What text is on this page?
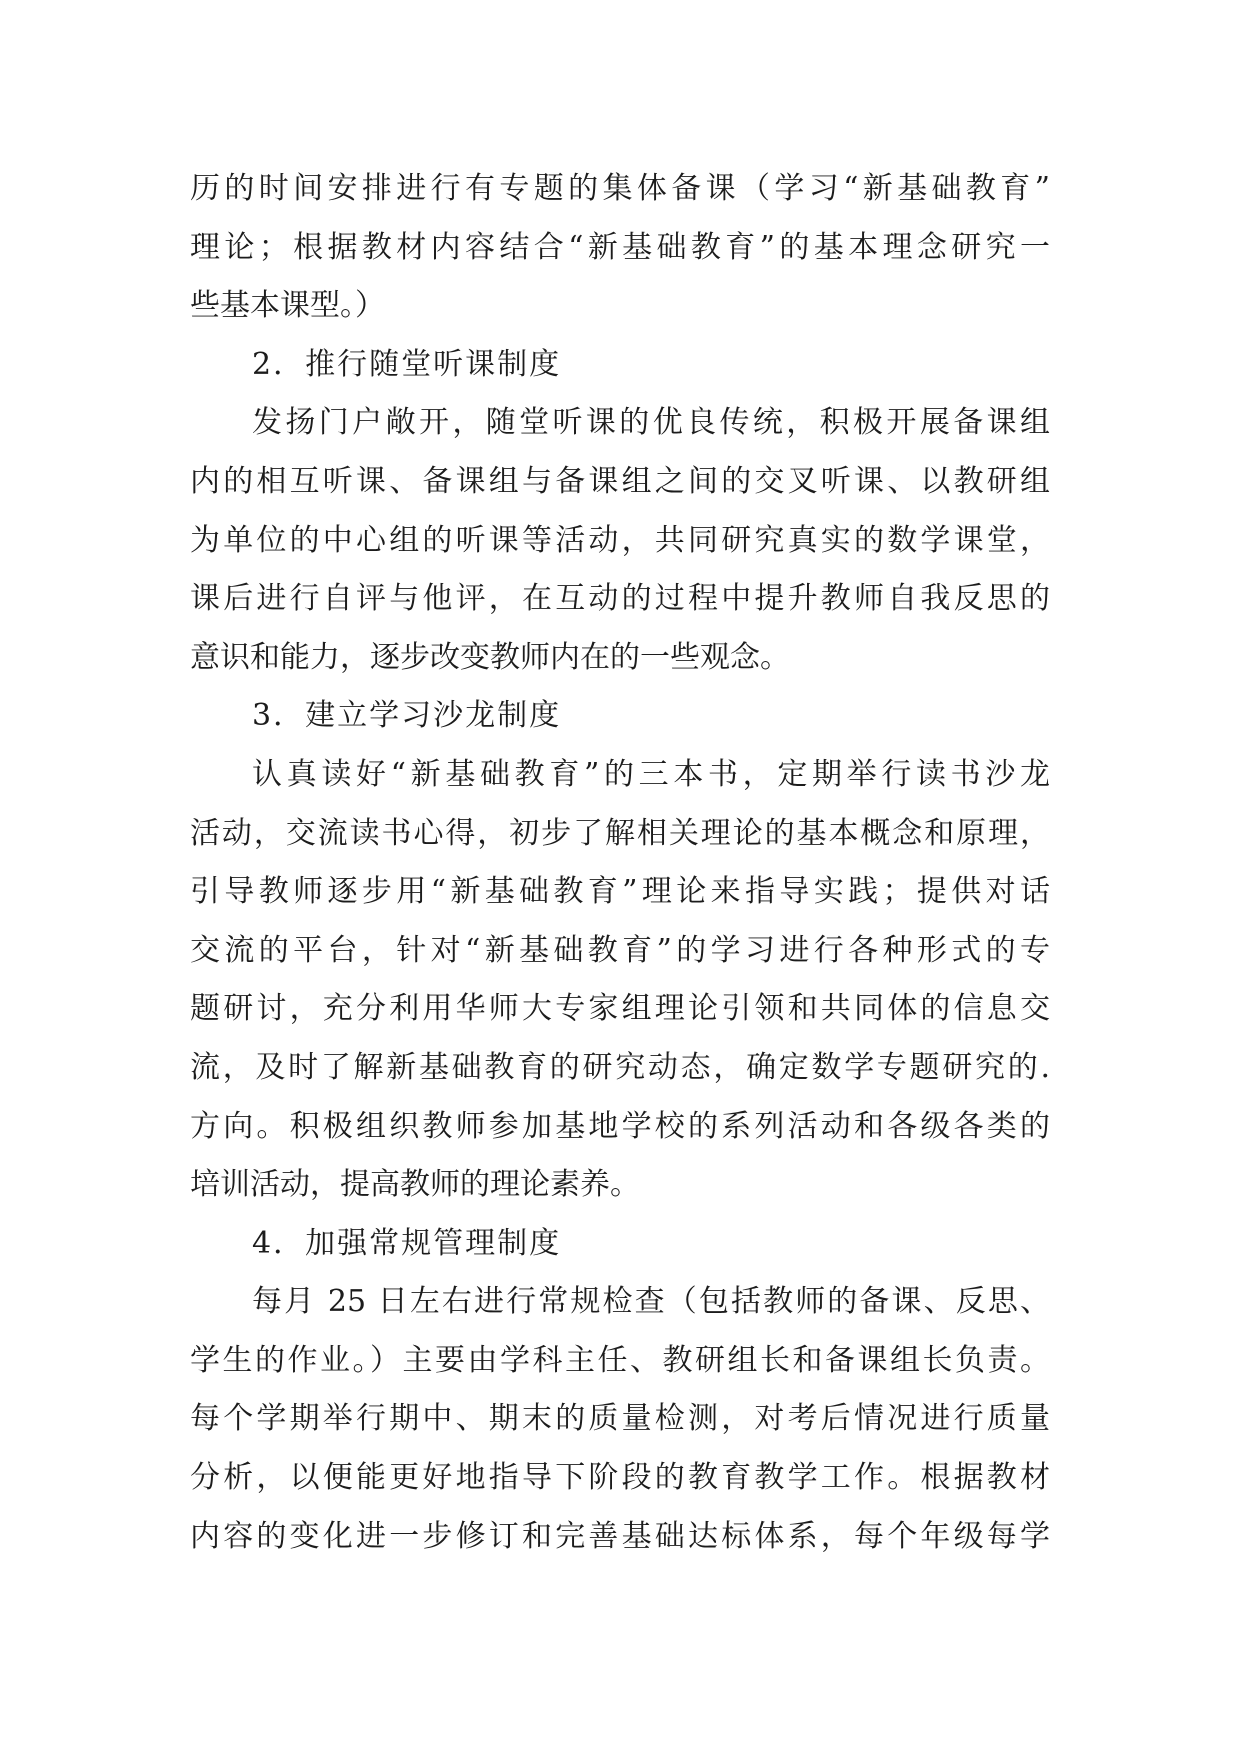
历的时间安排进行有专题的集体备课（学习“新基础教育”
理论；根据教材内容结合“新基础教育”的基本理念研究一
些基本课型。）
2．推行随堂听课制度
发扬门户敞开，随堂听课的优良传统，积极开展备课组
内的相互听课、备课组与备课组之间的交叉听课、以教研组
为单位的中心组的听课等活动，共同研究真实的数学课堂，
课后进行自评与他评，在互动的过程中提升教师自我反思的
意识和能力，逐步改变教师内在的一些观念。
3．建立学习沙龙制度
认真读好“新基础教育”的三本书，定期举行读书沙龙
活动，交流读书心得，初步了解相关理论的基本概念和原理，
引导教师逐步用“新基础教育”理论来指导实践；提供对话
交流的平台，针对“新基础教育”的学习进行各种形式的专
题研讨，充分利用华师大专家组理论引领和共同体的信息交
流，及时了解新基础教育的研究动态，确定数学专题研究的.
方向。积极组织教师参加基地学校的系列活动和各级各类的
培训活动，提高教师的理论素养。
4．加强常规管理制度
每月 25 日左右进行常规检查（包括教师的备课、反思、
学生的作业。）主要由学科主任、教研组长和备课组长负责。
每个学期举行期中、期末的质量检测，对考后情况进行质量
分析，以便能更好地指导下阶段的教育教学工作。根据教材
内容的变化进一步修订和完善基础达标体系，每个年级每学
